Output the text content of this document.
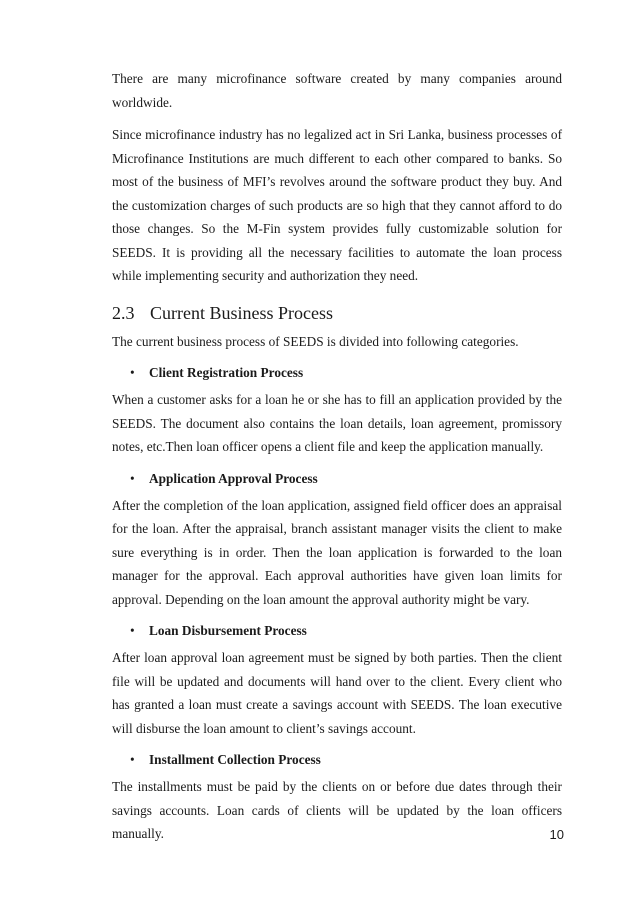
There are many microfinance software created by many companies around worldwide.

Since microfinance industry has no legalized act in Sri Lanka, business processes of Microfinance Institutions are much different to each other compared to banks. So most of the business of MFI’s revolves around the software product they buy. And the customization charges of such products are so high that they cannot afford to do those changes. So the M-Fin system provides fully customizable solution for SEEDS. It is providing all the necessary facilities to automate the loan process while implementing security and authorization they need.

2.3 Current Business Process

The current business process of SEEDS is divided into following categories.

•	Client Registration Process

When a customer asks for a loan he or she has to fill an application provided by the SEEDS. The document also contains the loan details, loan agreement, promissory notes, etc.Then loan officer opens a client file and keep the application manually.

•	Application Approval Process

After the completion of the loan application, assigned field officer does an appraisal for the loan. After the appraisal, branch assistant manager visits the client to make sure everything is in order. Then the loan application is forwarded to the loan manager for the approval. Each approval authorities have given loan limits for approval. Depending on the loan amount the approval authority might be vary.

•	Loan Disbursement Process

After loan approval loan agreement must be signed by both parties. Then the client file will be updated and documents will hand over to the client. Every client who has granted a loan must create a savings account with SEEDS. The loan executive will disburse the loan amount to client’s savings account.

•	Installment Collection Process

The installments must be paid by the clients on or before due dates through their savings accounts. Loan cards of clients will be updated by the loan officers manually.	10
